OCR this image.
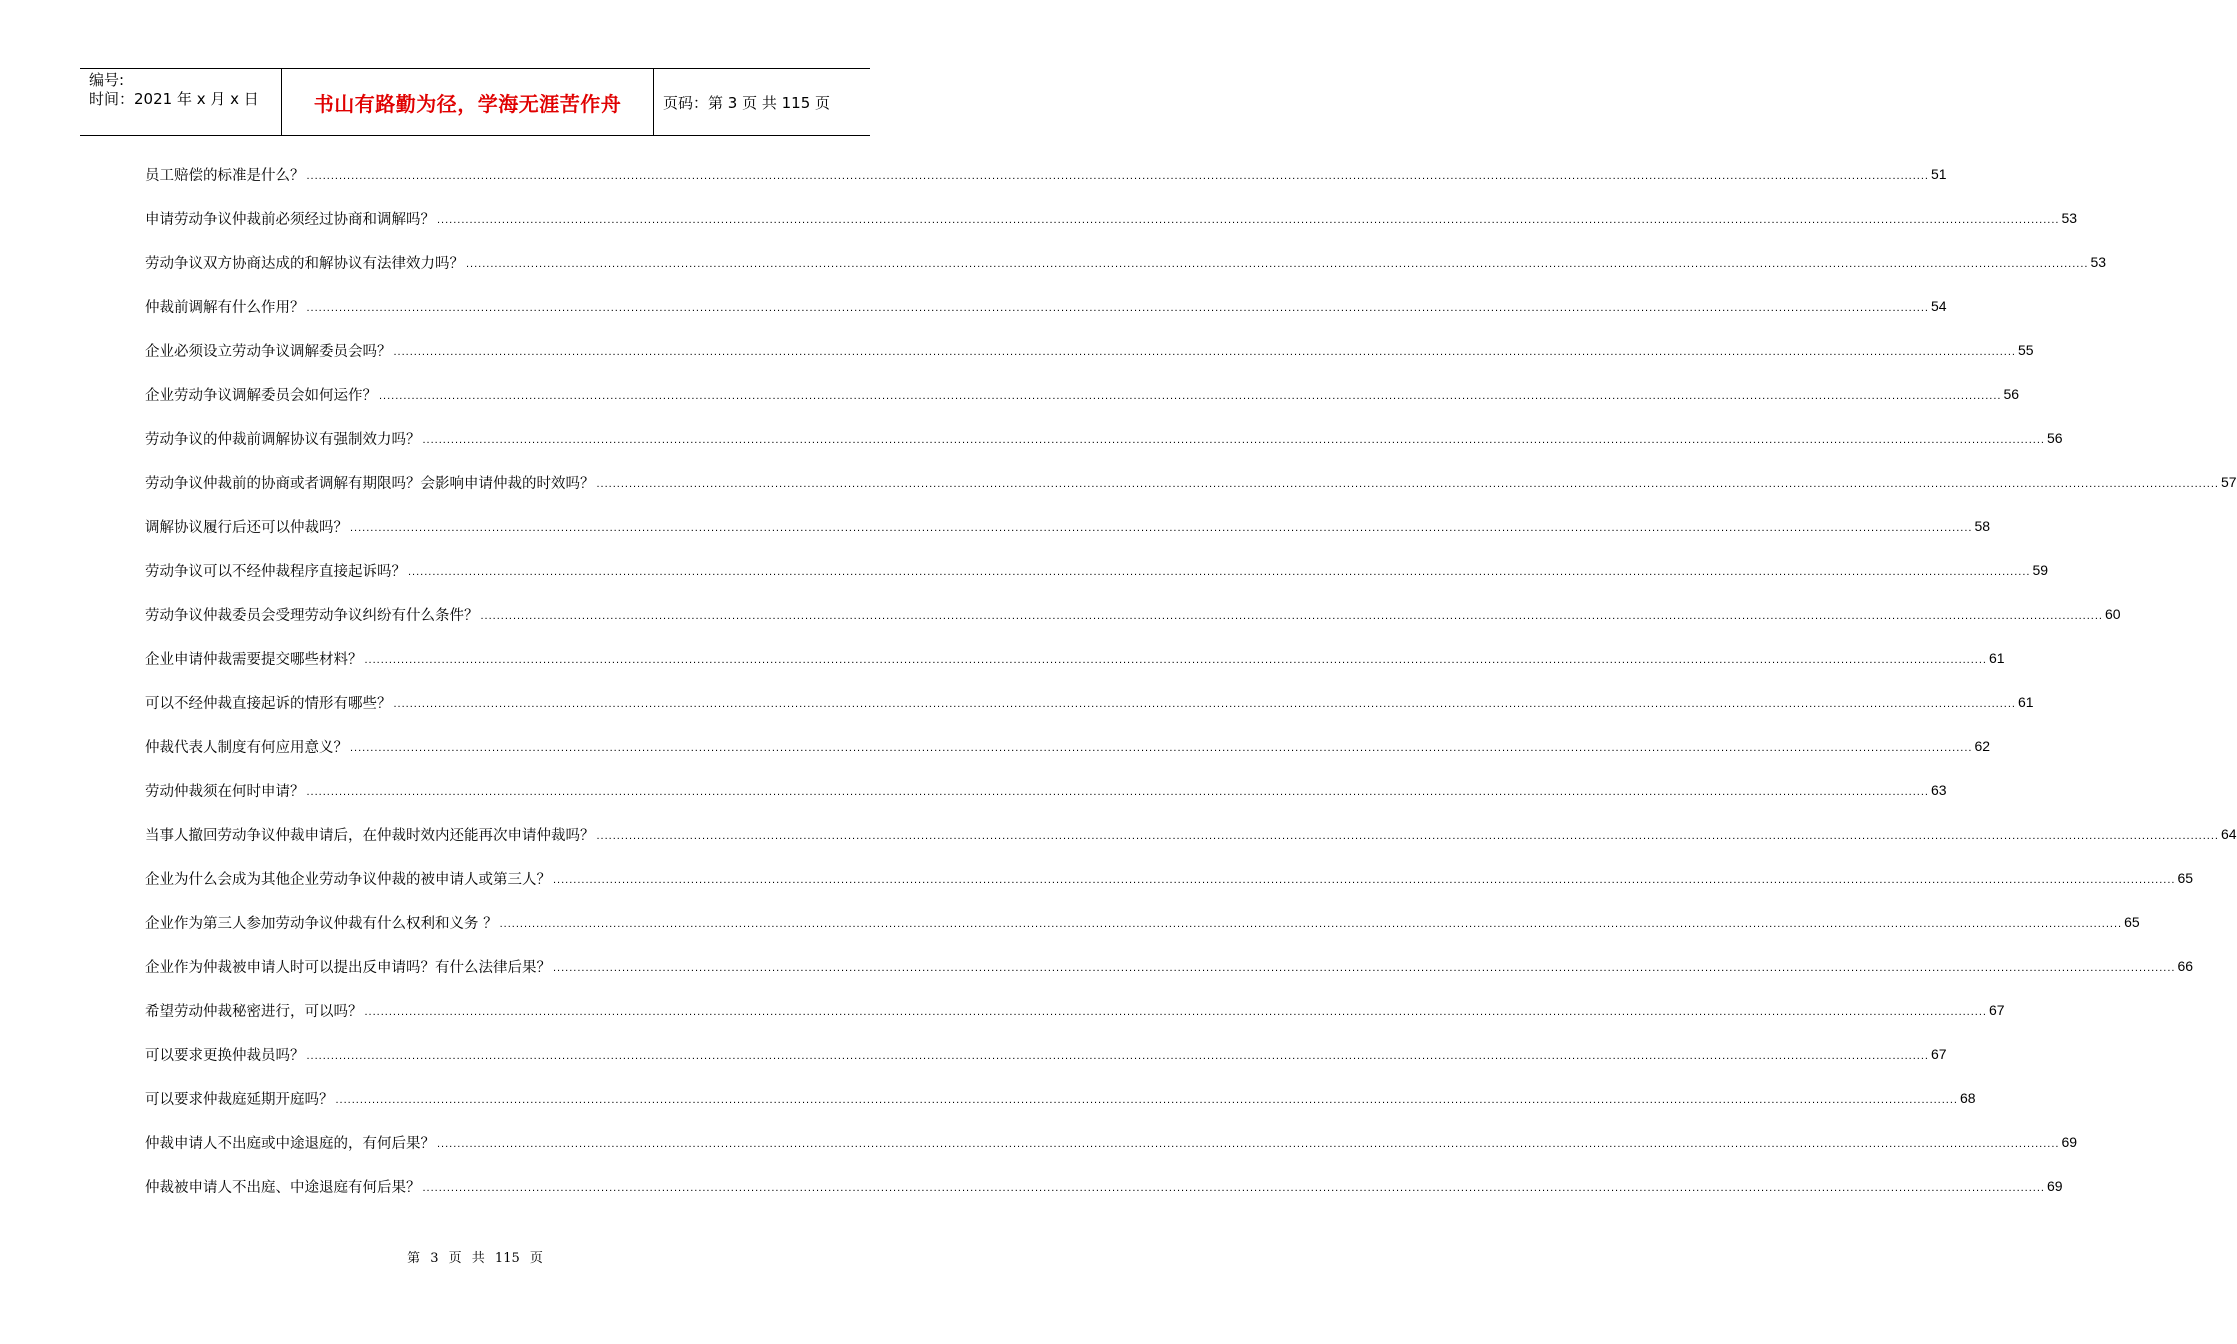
编号:
时间：2021 年 x 月 x 日	书山有路勤为径，学海无涯苦作舟	页码：第 3 页 共 115 页
员工赔偿的标准是什么？ ................................................................................................................................................................................................................................................................................................................................................................................................................ 51
申请劳动争议仲裁前必须经过协商和调解吗？ ................................................................................................................................................................................................................................................................................................................................................................................................................ 53
劳动争议双方协商达成的和解协议有法律效力吗？ ................................................................................................................................................................................................................................................................................................................................................................................................................ 53
仲裁前调解有什么作用？ ................................................................................................................................................................................................................................................................................................................................................................................................................ 54
企业必须设立劳动争议调解委员会吗？ ................................................................................................................................................................................................................................................................................................................................................................................................................ 55
企业劳动争议调解委员会如何运作？ ................................................................................................................................................................................................................................................................................................................................................................................................................ 56
劳动争议的仲裁前调解协议有强制效力吗？ ................................................................................................................................................................................................................................................................................................................................................................................................................ 56
劳动争议仲裁前的协商或者调解有期限吗？会影响申请仲裁的时效吗？ ................................................................................................................................................................................................................................................................................................................................................................................................................ 57
调解协议履行后还可以仲裁吗？ ................................................................................................................................................................................................................................................................................................................................................................................................................ 58
劳动争议可以不经仲裁程序直接起诉吗？ ................................................................................................................................................................................................................................................................................................................................................................................................................ 59
劳动争议仲裁委员会受理劳动争议纠纷有什么条件？ ................................................................................................................................................................................................................................................................................................................................................................................................................ 60
企业申请仲裁需要提交哪些材料？ ................................................................................................................................................................................................................................................................................................................................................................................................................ 61
可以不经仲裁直接起诉的情形有哪些？ ................................................................................................................................................................................................................................................................................................................................................................................................................ 61
仲裁代表人制度有何应用意义？ ................................................................................................................................................................................................................................................................................................................................................................................................................ 62
劳动仲裁须在何时申请？ ................................................................................................................................................................................................................................................................................................................................................................................................................ 63
当事人撤回劳动争议仲裁申请后，在仲裁时效内还能再次申请仲裁吗？ ................................................................................................................................................................................................................................................................................................................................................................................................................ 64
企业为什么会成为其他企业劳动争议仲裁的被申请人或第三人？ ................................................................................................................................................................................................................................................................................................................................................................................................................ 65
企业作为第三人参加劳动争议仲裁有什么权利和义务 ？ ................................................................................................................................................................................................................................................................................................................................................................................................................ 65
企业作为仲裁被申请人时可以提出反申请吗？有什么法律后果？ ................................................................................................................................................................................................................................................................................................................................................................................................................ 66
希望劳动仲裁秘密进行，可以吗？ ................................................................................................................................................................................................................................................................................................................................................................................................................ 67
可以要求更换仲裁员吗？ ................................................................................................................................................................................................................................................................................................................................................................................................................ 67
可以要求仲裁庭延期开庭吗？ ................................................................................................................................................................................................................................................................................................................................................................................................................ 68
仲裁申请人不出庭或中途退庭的，有何后果？ ................................................................................................................................................................................................................................................................................................................................................................................................................ 69
仲裁被申请人不出庭、中途退庭有何后果？ ................................................................................................................................................................................................................................................................................................................................................................................................................ 69
第 3 页 共 115 页
